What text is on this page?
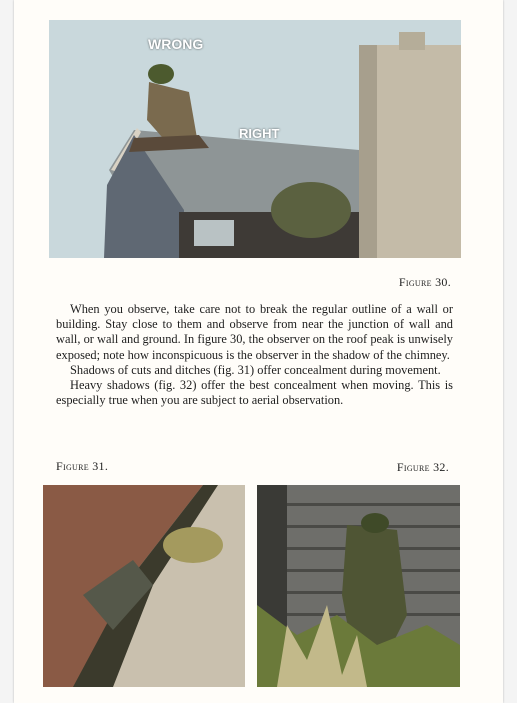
WRONG
RIGHT
Figure 30.

When you observe, take care not to break the regular outline of a wall or building. Stay close to them and observe from near the junction of wall and wall, or wall and ground. In figure 30, the observer on the roof peak is unwisely exposed; note how inconspicuous is the observer in the shadow of the chimney.

Shadows of cuts and ditches (fig. 31) offer concealment during movement.

Heavy shadows (fig. 32) offer the best concealment when moving. This is especially true when you are subject to aerial observation.

Figure 31.	Figure 32.
